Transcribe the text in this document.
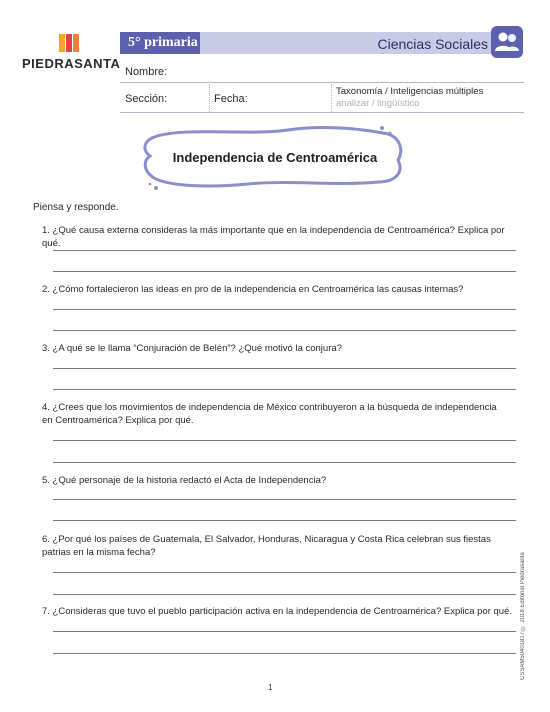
PIEDRASANTA
5° primaria	Ciencias Sociales
Nombre:
Sección:	Fecha:
Taxonomía / Inteligencias múltiples
analizar / lingüístico
Independencia de Centroamérica
Piensa y responde.
1. ¿Qué causa externa consideras la más importante que en la independencia de Centroamérica? Explica por qué.
2. ¿Cómo fortalecieron las ideas en pro de la independencia en Centroamérica las causas internas?
3. ¿A qué se le llama “Conjuración de Belén”? ¿Qué motivó la conjura?
4. ¿Crees que los movimientos de independencia de México contribuyeron a la búsqueda de independencia en Centroamérica? Explica por qué.
5. ¿Qué personaje de la historia redactó el Acta de Independencia?
6. ¿Por qué los países de Guatemala, El Salvador, Honduras, Nicaragua y Costa Rica celebran sus fiestas patrias en la misma fecha?
7. ¿Consideras que tuvo el pueblo participación activa en la independencia de Centroamérica? Explica por qué. CSSAM50401817 © 2018 Editorial Piedrasanta
1
